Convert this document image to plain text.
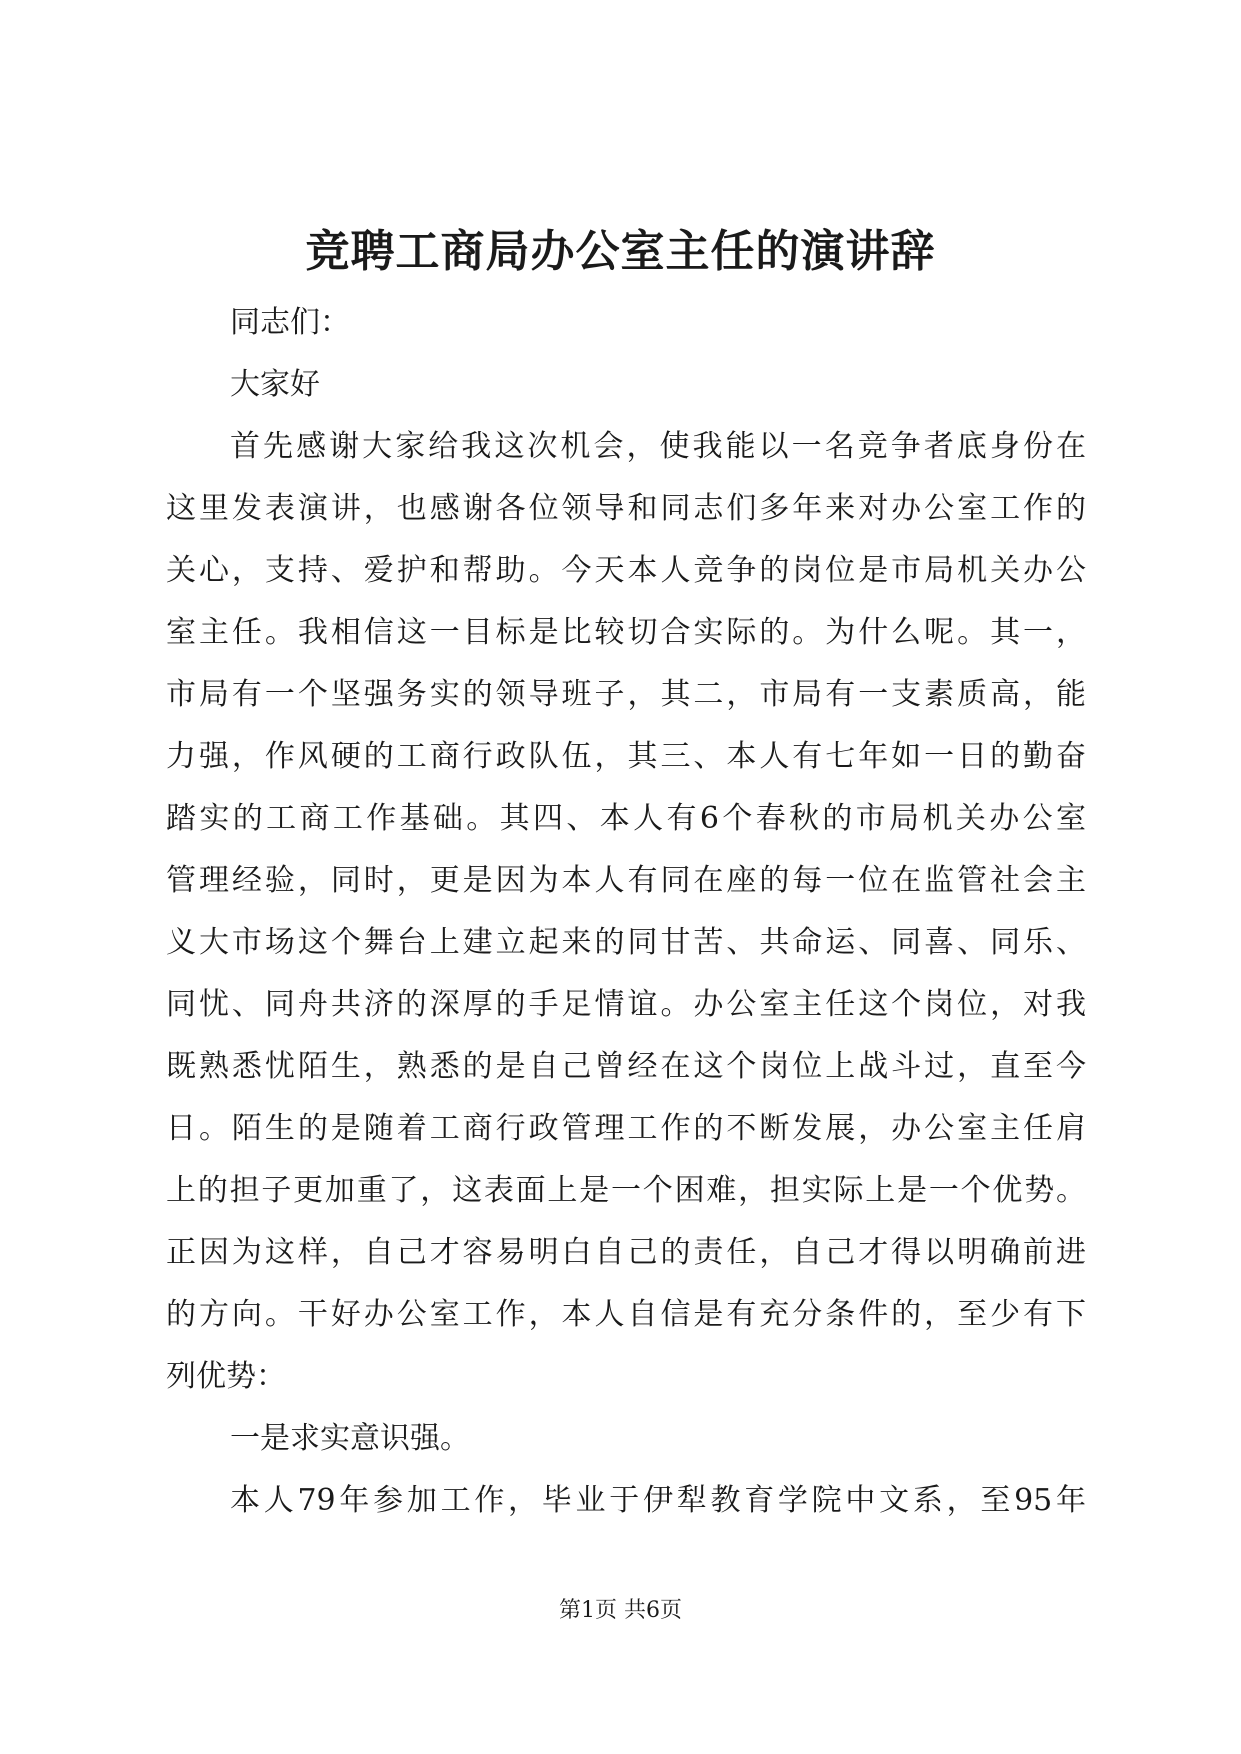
竞聘工商局办公室主任的演讲辞
同志们：
大家好
首先感谢大家给我这次机会，使我能以一名竞争者底身份在
这里发表演讲，也感谢各位领导和同志们多年来对办公室工作的
关心，支持、爱护和帮助。今天本人竞争的岗位是市局机关办公
室主任。我相信这一目标是比较切合实际的。为什么呢。其一，
市局有一个坚强务实的领导班子，其二，市局有一支素质高，能
力强，作风硬的工商行政队伍，其三、本人有七年如一日的勤奋
踏实的工商工作基础。其四、本人有6个春秋的市局机关办公室
管理经验，同时，更是因为本人有同在座的每一位在监管社会主
义大市场这个舞台上建立起来的同甘苦、共命运、同喜、同乐、
同忧、同舟共济的深厚的手足情谊。办公室主任这个岗位，对我
既熟悉忧陌生，熟悉的是自己曾经在这个岗位上战斗过，直至今
日。陌生的是随着工商行政管理工作的不断发展，办公室主任肩
上的担子更加重了，这表面上是一个困难，担实际上是一个优势。
正因为这样，自己才容易明白自己的责任，自己才得以明确前进
的方向。干好办公室工作，本人自信是有充分条件的，至少有下
列优势：
一是求实意识强。
本人79年参加工作，毕业于伊犁教育学院中文系，至95年
第1页 共6页
